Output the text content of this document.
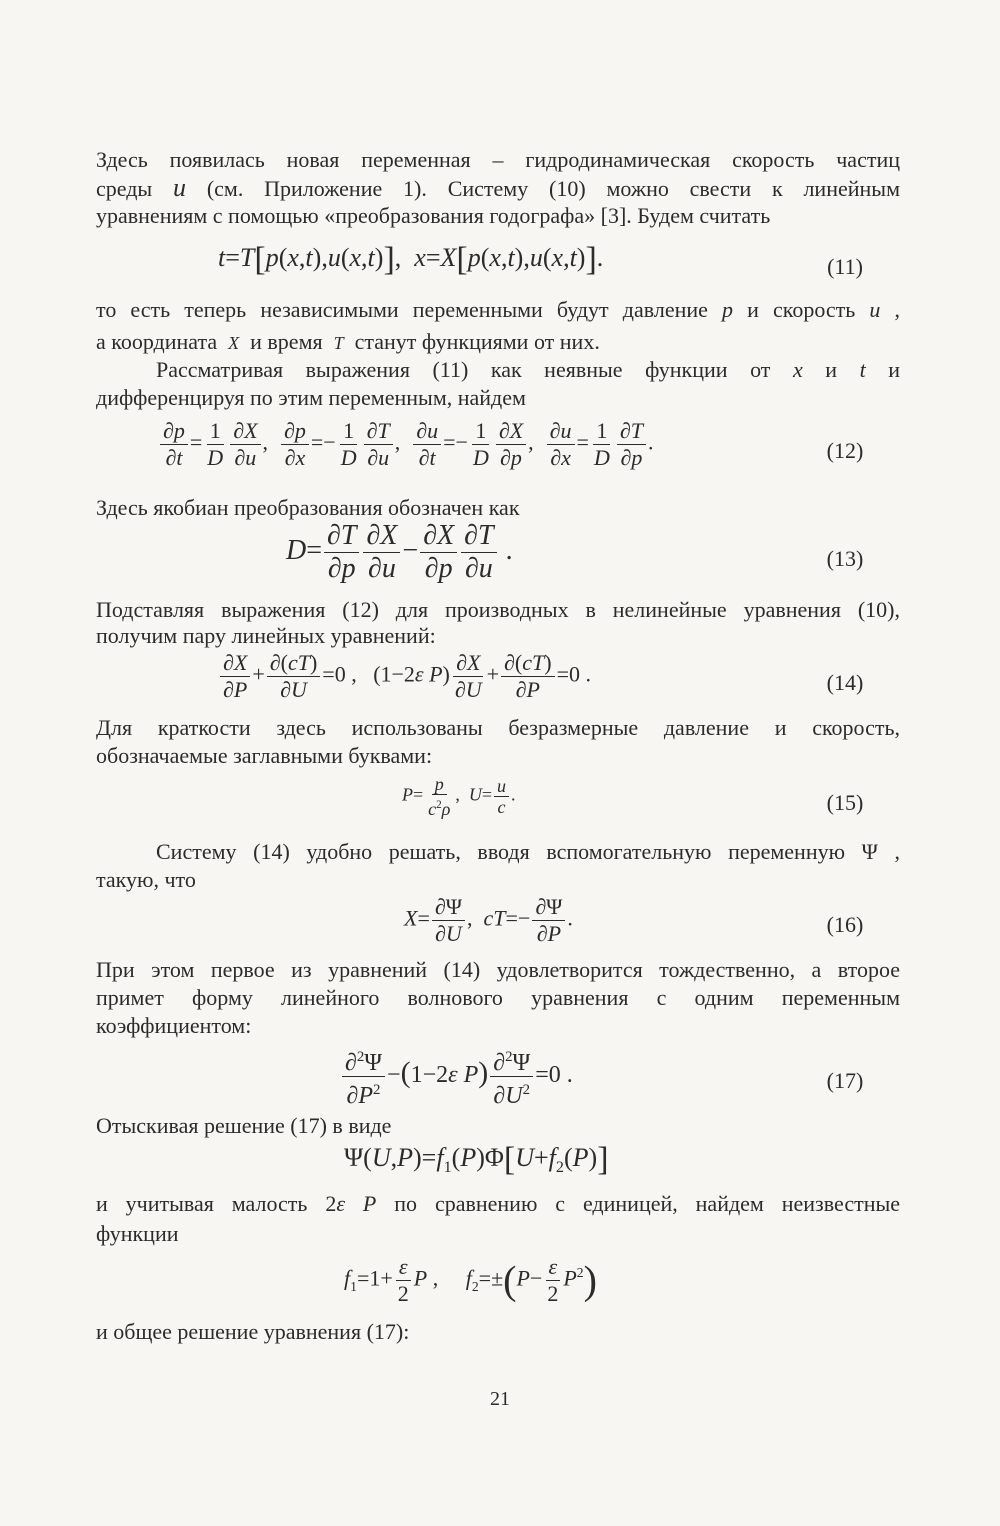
Здесь появилась новая переменная – гидродинамическая скорость частиц
среды u (см. Приложение 1). Систему (10) можно свести к линейным
уравнениям с помощью «преобразования годографа» [3]. Будем считать
t=T[p(x,t),u(x,t)],  x=X[p(x,t),u(x,t)].	(11)
то есть теперь независимыми переменными будут давление p и скорость u ,
а координата X и время T станут функциями от них.
Рассматривая выражения (11) как неявные функции от x и t и
дифференцируя по этим переменным, найдем
$\frac{\partial p}{\partial t} = \frac{1}{D} \frac{\partial X}{\partial u}$ , $\frac{\partial p}{\partial x} =- \frac{1}{D} \frac{\partial T}{\partial u}$ , $\frac{\partial u}{\partial t} =- \frac{1}{D} \frac{\partial X}{\partial p}$ , $\frac{\partial u}{\partial x} = \frac{1}{D} \frac{\partial T}{\partial p}$ .	(12)
Здесь якобиан преобразования обозначен как
$D= \frac{\partial T}{\partial p} \frac{\partial X}{\partial u} - \frac{\partial X}{\partial p} \frac{\partial T}{\partial u}$ .	(13)
Подставляя выражения (12) для производных в нелинейные уравнения (10),
получим пару линейных уравнений:
$\frac{\partial X}{\partial P} + \frac{\partial(cT)}{\partial U} =0$ ,   (1−2ε $P) \frac{\partial X}{\partial U} + \frac{\partial(cT)}{\partial P} =0$ .	(14)
Для краткости здесь использованы безразмерные давление и скорость,
обозначаемые заглавными буквами:
$P= \frac{p}{c^2\rho}$ ,  $U= \frac{u}{c}$ .	(15)
Систему (14) удобно решать, вводя вспомогательную переменную Ψ ,
такую, что
$X= \frac{\partial\Psi}{\partial U}$ ,  $cT=- \frac{\partial\Psi}{\partial P}$ .	(16)
При этом первое из уравнений (14) удовлетворится тождественно, а второе
примет форму линейного волнового уравнения с одним переменным
коэффициентом:
$\frac{\partial^2\Psi}{\partial P^2} -(1-2\varepsilon$ $P) \frac{\partial^2\Psi}{\partial U^2} =0$ .	(17)
Отыскивая решение (17) в виде
$\Psi(U,P)=f_1(P)\Phi[U+f_2(P)]$
и учитывая малость 2ε P по сравнению с единицей, найдем неизвестные
функции
$f_1=1+ \frac{\varepsilon}{2}$ P ,     $f_2=\pm(P- \frac{\varepsilon}{2} P^2)$
и общее решение уравнения (17):
21
